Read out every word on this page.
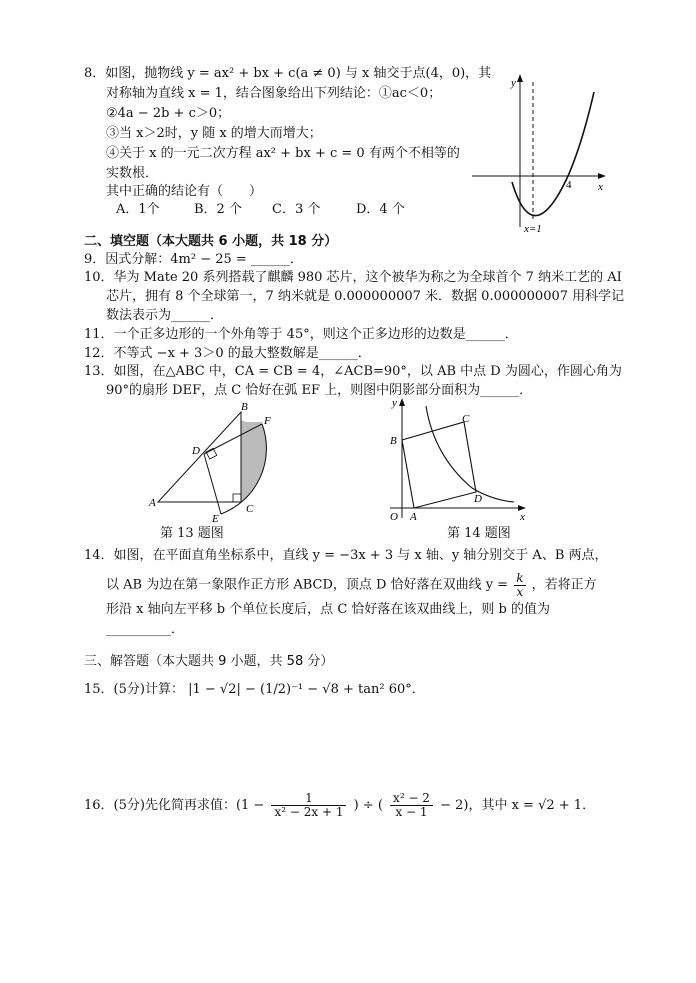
8．如图，抛物线 y = ax² + bx + c(a ≠ 0) 与 x 轴交于点(4，0)，其
对称轴为直线 x = 1，结合图象给出下列结论：①ac＜0；
②4a − 2b + c＞0；
③当 x＞2时，y 随 x 的增大而增大；
④关于 x 的一元二次方程 ax² + bx + c = 0 有两个不相等的
实数根．
其中正确的结论有（　　）
A．1个	B．2 个 C．3 个	D．4 个
y
x
4
x=1
二、填空题（本大题共 6 小题，共 18 分）
9．因式分解：4m² − 25 = ______．
10．华为 Mate 20 系列搭载了麒麟 980 芯片，这个被华为称之为全球首个 7 纳米工艺的 AI
芯片，拥有 8 个全球第一，7 纳米就是 0.000000007 米．数据 0.000000007 用科学记
数法表示为______．
11．一个正多边形的一个外角等于 45°，则这个正多边形的边数是______．
12．不等式 −x + 3＞0 的最大整数解是______．
13．如图，在△ABC 中，CA = CB = 4，∠ACB=90°，以 AB 中点 D 为圆心，作圆心角为
90°的扇形 DEF，点 C 恰好在弧 EF 上，则图中阴影部分面积为______．
A
B
C
D
E
F
第 13 题图
y
x
O A
B
C
D
第 14 题图
14．如图，在平面直角坐标系中，直线 y = −3x + 3 与 x 轴、y 轴分别交于 A、B 两点，
以 AB 为边在第一象限作正方形 ABCD，顶点 D 恰好落在双曲线 $y = \frac{k}{x}$ ，若将正方
形沿 x 轴向左平移 b 个单位长度后，点 C 恰好落在该双曲线上，则 b 的值为
__________．
三、解答题（本大题共 9 小题，共 58 分）
15．(5分)计算： |1 − √2| − (1/2)⁻¹ − √8 + tan² 60°．
16．(5分)先化简再求值：($1 - \frac{1}{\text{x² − 2x + 1}}$ ) ÷ ( $\frac{\text{x² − 2}}{x - 1} - 2$)，其中 x = √2 + 1．
